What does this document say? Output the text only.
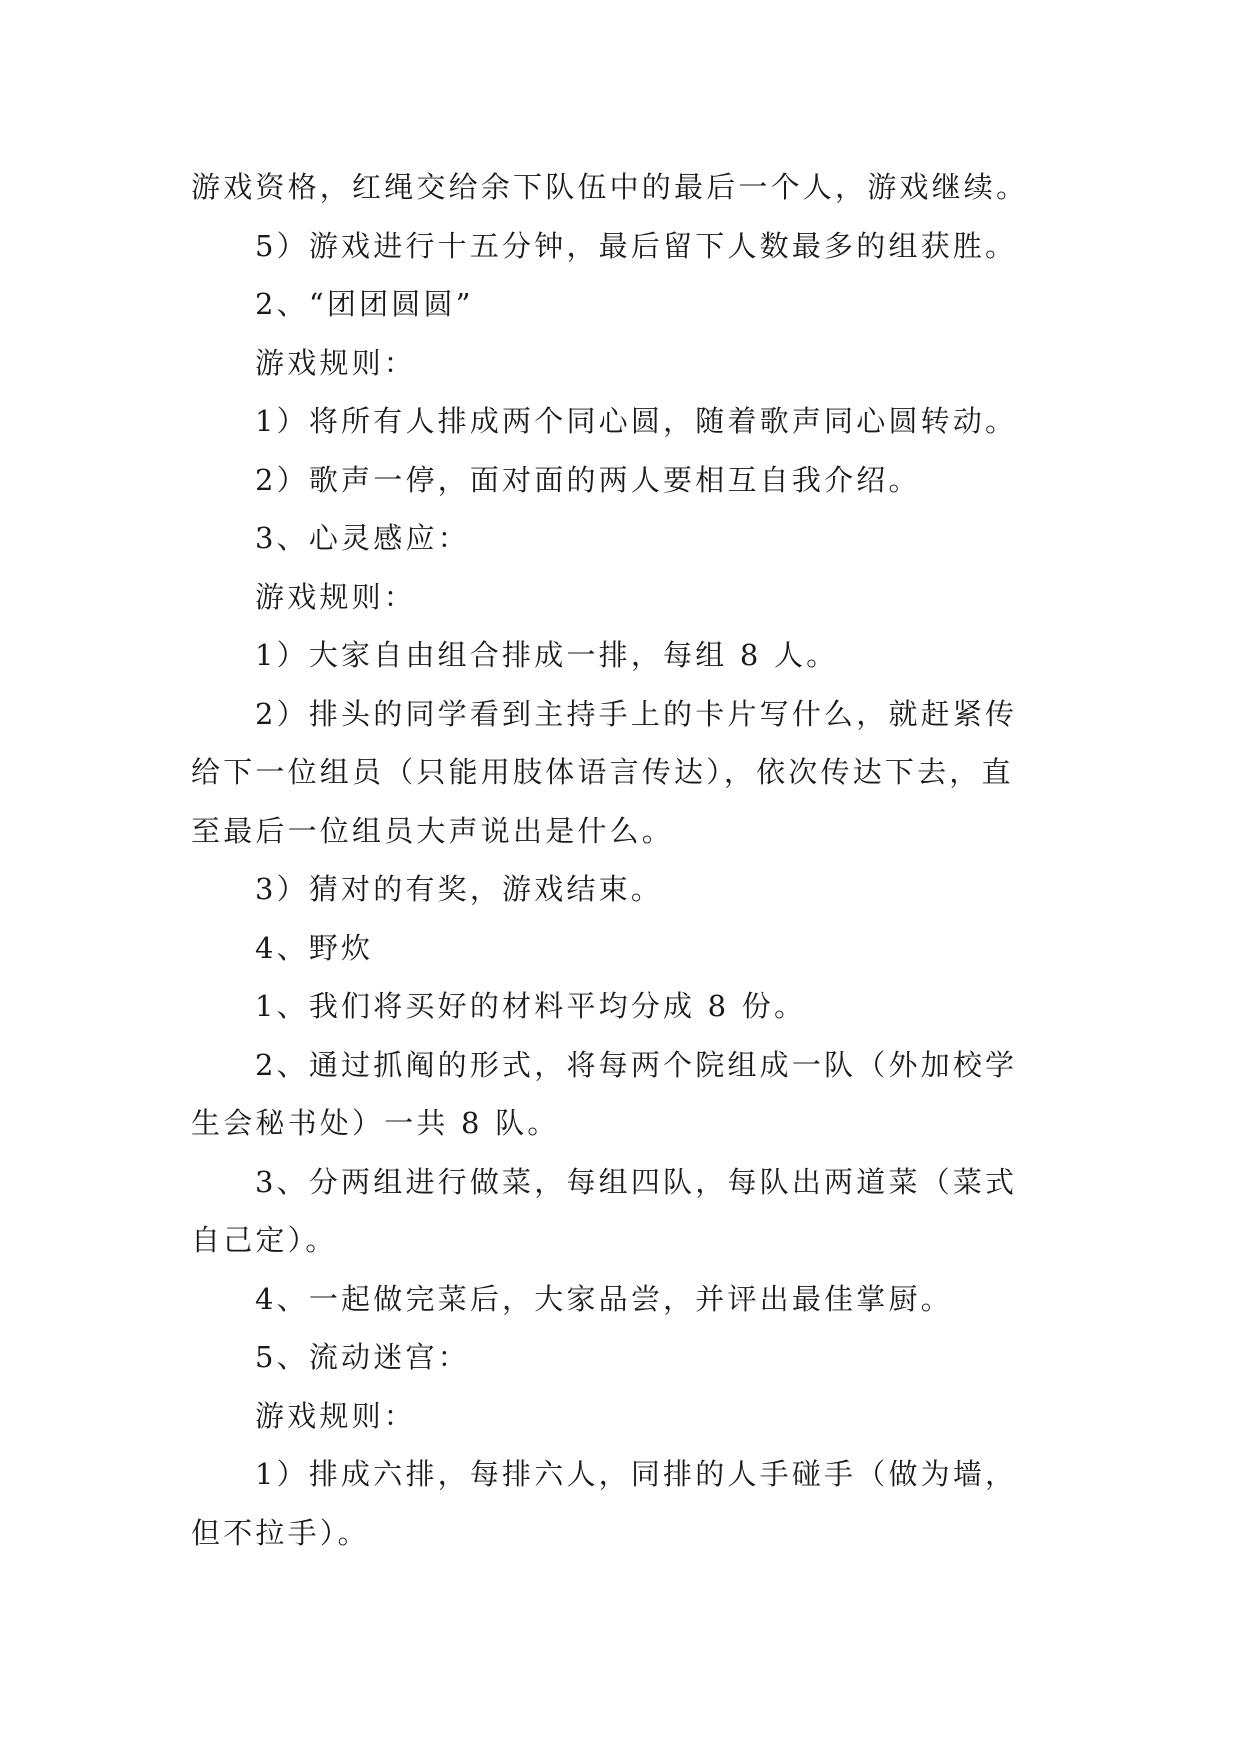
游戏资格，红绳交给余下队伍中的最后一个人，游戏继续。

5）游戏进行十五分钟，最后留下人数最多的组获胜。

2、“团团圆圆”

游戏规则：

1）将所有人排成两个同心圆，随着歌声同心圆转动。

2）歌声一停，面对面的两人要相互自我介绍。

3、心灵感应：

游戏规则：

1）大家自由组合排成一排，每组 8 人。

2）排头的同学看到主持手上的卡片写什么，就赶紧传

给下一位组员（只能用肢体语言传达），依次传达下去，直

至最后一位组员大声说出是什么。

3）猜对的有奖，游戏结束。

4、野炊

1、我们将买好的材料平均分成 8 份。

2、通过抓阄的形式，将每两个院组成一队（外加校学

生会秘书处）一共 8 队。

3、分两组进行做菜，每组四队，每队出两道菜（菜式

自己定）。

4、一起做完菜后，大家品尝，并评出最佳掌厨。

5、流动迷宫：

游戏规则：

1）排成六排，每排六人，同排的人手碰手（做为墙，

但不拉手）。
